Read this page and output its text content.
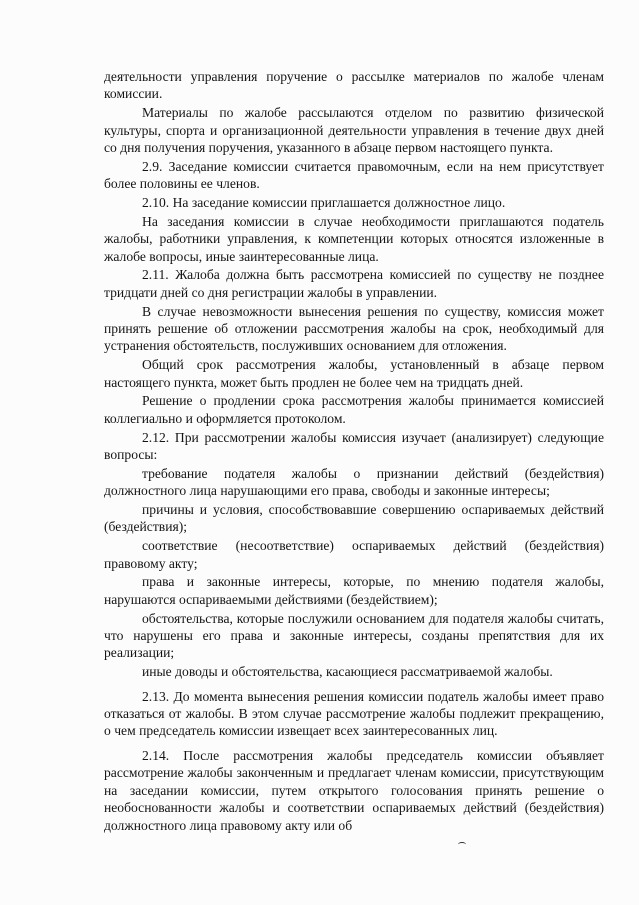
деятельности управления поручение о рассылке материалов по жалобе членам комиссии.

Материалы по жалобе рассылаются отделом по развитию физической культуры, спорта и организационной деятельности управления в течение двух дней со дня получения поручения, указанного в абзаце первом настоящего пункта.

2.9. Заседание комиссии считается правомочным, если на нем присутствует более половины ее членов.

2.10. На заседание комиссии приглашается должностное лицо.

На заседания комиссии в случае необходимости приглашаются податель жалобы, работники управления, к компетенции которых относятся изложенные в жалобе вопросы, иные заинтересованные лица.

2.11. Жалоба должна быть рассмотрена комиссией по существу не позднее тридцати дней со дня регистрации жалобы в управлении.

В случае невозможности вынесения решения по существу, комиссия может принять решение об отложении рассмотрения жалобы на срок, необходимый для устранения обстоятельств, послуживших основанием для отложения.

Общий срок рассмотрения жалобы, установленный в абзаце первом настоящего пункта, может быть продлен не более чем на тридцать дней.

Решение о продлении срока рассмотрения жалобы принимается комиссией коллегиально и оформляется протоколом.

2.12. При рассмотрении жалобы комиссия изучает (анализирует) следующие вопросы:

требование подателя жалобы о признании действий (бездействия) должностного лица нарушающими его права, свободы и законные интересы;

причины и условия, способствовавшие совершению оспариваемых действий (бездействия);

соответствие (несоответствие) оспариваемых действий (бездействия) правовому акту;

права и законные интересы, которые, по мнению подателя жалобы, нарушаются оспариваемыми действиями (бездействием);

обстоятельства, которые послужили основанием для подателя жалобы считать, что нарушены его права и законные интересы, созданы препятствия для их реализации;

иные доводы и обстоятельства, касающиеся рассматриваемой жалобы.

2.13. До момента вынесения решения комиссии податель жалобы имеет право отказаться от жалобы. В этом случае рассмотрение жалобы подлежит прекращению, о чем председатель комиссии извещает всех заинтересованных лиц.

2.14. После рассмотрения жалобы председатель комиссии объявляет рассмотрение жалобы законченным и предлагает членам комиссии, присутствующим на заседании комиссии, путем открытого голосования принять решение о необоснованности жалобы и соответствии оспариваемых действий (бездействия) должностного лица правовому акту или об
